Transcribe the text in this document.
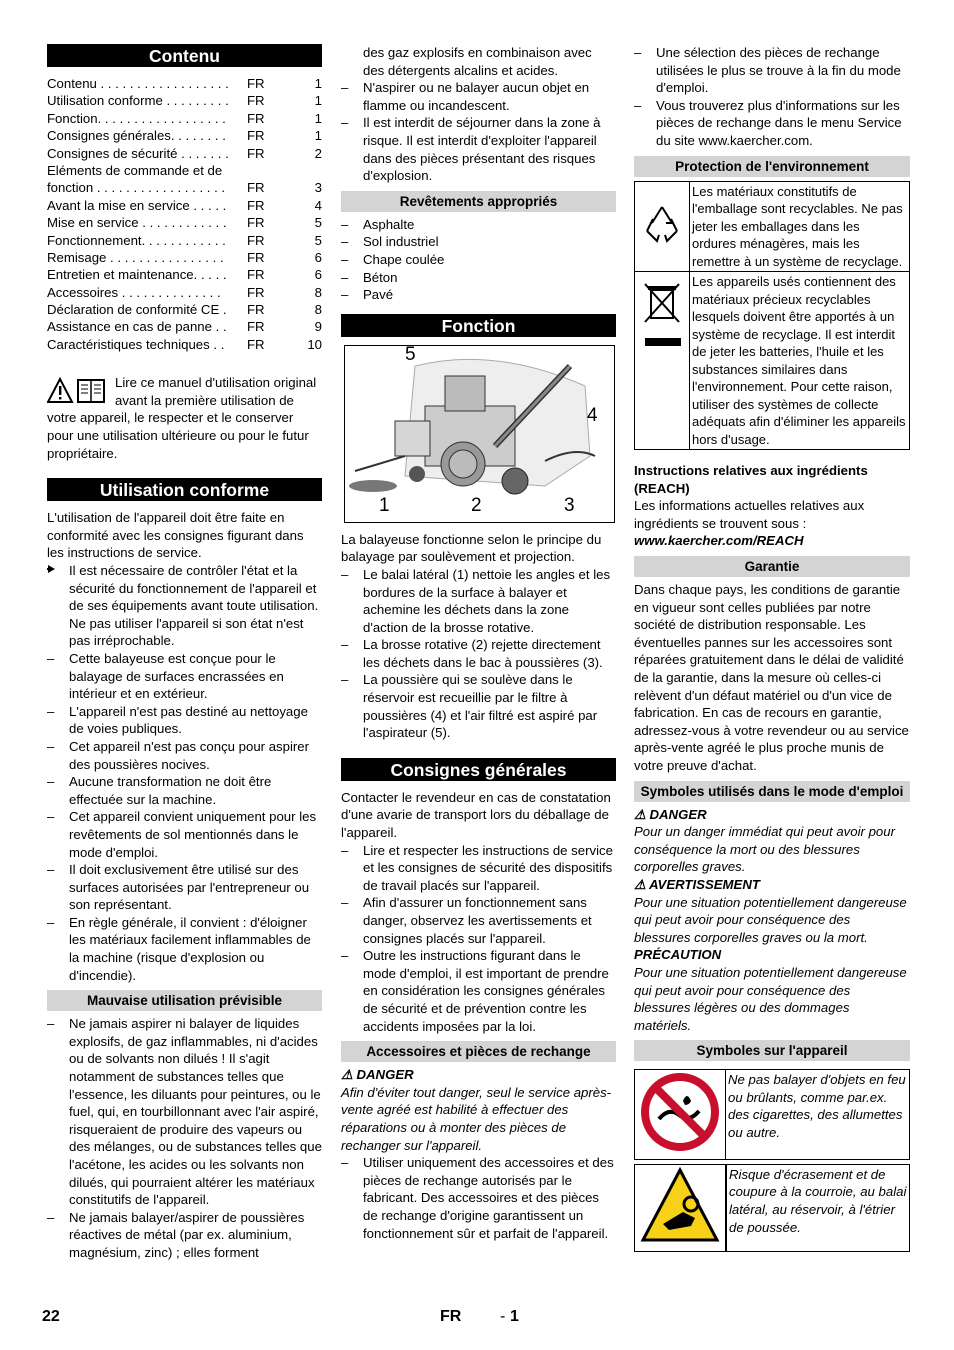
Contenu
Contenu . . . . . . . . . . . . . . . . . .	FR	1
Utilisation conforme . . . . . . . . .	FR	1
Fonction. . . . . . . . . . . . . . . . . .	FR	1
Consignes générales. . . . . . . .	FR	1
Consignes de sécurité . . . . . . .	FR	2
Eléments de commande et de
fonction . . . . . . . . . . . . . . . . . .	FR	3
Avant la mise en service . . . . .	FR	4
Mise en service . . . . . . . . . . . .	FR	5
Fonctionnement. . . . . . . . . . . .	FR	5
Remisage . . . . . . . . . . . . . . . .	FR	6
Entretien et maintenance. . . . .	FR	6
Accessoires . . . . . . . . . . . . . .	FR	8
Déclaration de conformité CE .	FR	8
Assistance en cas de panne . .	FR	9
Caractéristiques techniques . .	FR	10

Lire ce manuel d'utilisation original avant la première utilisation de votre appareil, le respecter et le conserver pour une utilisation ultérieure ou pour le futur propriétaire.

Utilisation conforme

L'utilisation de l'appareil doit être faite en conformité avec les consignes figurant dans les instructions de service.

Il est nécessaire de contrôler l'état et la sécurité du fonctionnement de l'appareil et de ses équipements avant toute utilisation. Ne pas utiliser l'appareil si son état n'est pas irréprochable.
– Cette balayeuse est conçue pour le balayage de surfaces encrassées en intérieur et en extérieur.
– L'appareil n'est pas destiné au nettoyage de voies publiques.
– Cet appareil n'est pas conçu pour aspirer des poussières nocives.
– Aucune transformation ne doit être effectuée sur la machine.
– Cet appareil convient uniquement pour les revêtements de sol mentionnés dans le mode d'emploi.
– Il doit exclusivement être utilisé sur des surfaces autorisées par l'entrepreneur ou son représentant.
– En règle générale, il convient : d'éloigner les matériaux facilement inflammables de la machine (risque d'explosion ou d'incendie).
Mauvaise utilisation prévisible
– Ne jamais aspirer ni balayer de liquides explosifs, de gaz inflammables, ni d'acides ou de solvants non dilués ! Il s'agit notamment de substances telles que l'essence, les diluants pour peintures, ou le fuel, qui, en tourbillonnant avec l'air aspiré, risqueraient de produire des vapeurs ou des mélanges, ou de substances telles que l'acétone, les acides ou les solvants non dilués, qui pourraient altérer les matériaux constitutifs de l'appareil.
– Ne jamais balayer/aspirer de poussières réactives de métal (par ex. aluminium, magnésium, zinc) ; elles forment

des gaz explosifs en combinaison avec des détergents alcalins et acides.

– N'aspirer ou ne balayer aucun objet en flamme ou incandescent.
– Il est interdit de séjourner dans la zone à risque. Il est interdit d'exploiter l'appareil dans des pièces présentant des risques d'explosion.
Revêtements appropriés
– Asphalte
– Sol industriel
– Chape coulée
– Béton
– Pavé
Fonction
1	2	3
4
5

La balayeuse fonctionne selon le principe du balayage par soulèvement et projection.

– Le balai latéral (1) nettoie les angles et les bordures de la surface à balayer et achemine les déchets dans la zone d'action de la brosse rotative.
– La brosse rotative (2) rejette directement les déchets dans le bac à poussières (3).
– La poussière qui se soulève dans le réservoir est recueillie par le filtre à poussières (4) et l'air filtré est aspiré par l'aspirateur (5).
Consignes générales

Contacter le revendeur en cas de constatation d'une avarie de transport lors du déballage de l'appareil.

– Lire et respecter les instructions de service et les consignes de sécurité des dispositifs de travail placés sur l'appareil.
– Afin d'assurer un fonctionnement sans danger, observez les avertissements et consignes placés sur l'appareil.
– Outre les instructions figurant dans le mode d'emploi, il est important de prendre en considération les consignes générales de sécurité et de prévention contre les accidents imposées par la loi.
Accessoires et pièces de rechange

⚠ DANGER

Afin d'éviter tout danger, seul le service après-vente agréé est habilité à effectuer des réparations ou à monter des pièces de rechanger sur l'appareil.

– Utiliser uniquement des accessoires et des pièces de rechange autorisés par le fabricant. Des accessoires et des pièces de rechange d'origine garantissent un fonctionnement sûr et parfait de l'appareil.
– Une sélection des pièces de rechange utilisées le plus se trouve à la fin du mode d'emploi.
– Vous trouverez plus d'informations sur les pièces de rechange dans le menu Service du site www.kaercher.com.
Protection de l'environnement
	Les matériaux constitutifs de l'emballage sont recyclables. Ne pas jeter les emballages dans les ordures ménagères, mais les remettre à un système de recyclage.
	Les appareils usés contiennent des matériaux précieux recyclables lesquels doivent être apportés à un système de recyclage. Il est interdit de jeter les batteries, l'huile et les substances similaires dans l'environnement. Pour cette raison, utiliser des systèmes de collecte adéquats afin d'éliminer les appareils hors d'usage.

Instructions relatives aux ingrédients (REACH)

Les informations actuelles relatives aux ingrédients se trouvent sous :

www.kaercher.com/REACH

Garantie

Dans chaque pays, les conditions de garantie en vigueur sont celles publiées par notre société de distribution responsable. Les éventuelles pannes sur les accessoires sont réparées gratuitement dans le délai de validité de la garantie, dans la mesure où celles-ci relèvent d'un défaut matériel ou d'un vice de fabrication. En cas de recours en garantie, adressez-vous à votre revendeur ou au service après-vente agréé le plus proche munis de votre preuve d'achat.

Symboles utilisés dans le mode d'emploi

⚠ DANGER

Pour un danger immédiat qui peut avoir pour conséquence la mort ou des blessures corporelles graves.

⚠ AVERTISSEMENT

Pour une situation potentiellement dangereuse qui peut avoir pour conséquence des blessures corporelles graves ou la mort.

PRÉCAUTION

Pour une situation potentiellement dangereuse qui peut avoir pour conséquence des blessures légères ou des dommages matériels.

Symboles sur l'appareil
	Ne pas balayer d'objets en feu ou brûlants, comme par.ex. des cigarettes, des allumettes ou autre.
	Risque d'écrasement et de coupure à la courroie, au balai latéral, au réservoir, à l'étrier de poussée.
22	FR - 1
